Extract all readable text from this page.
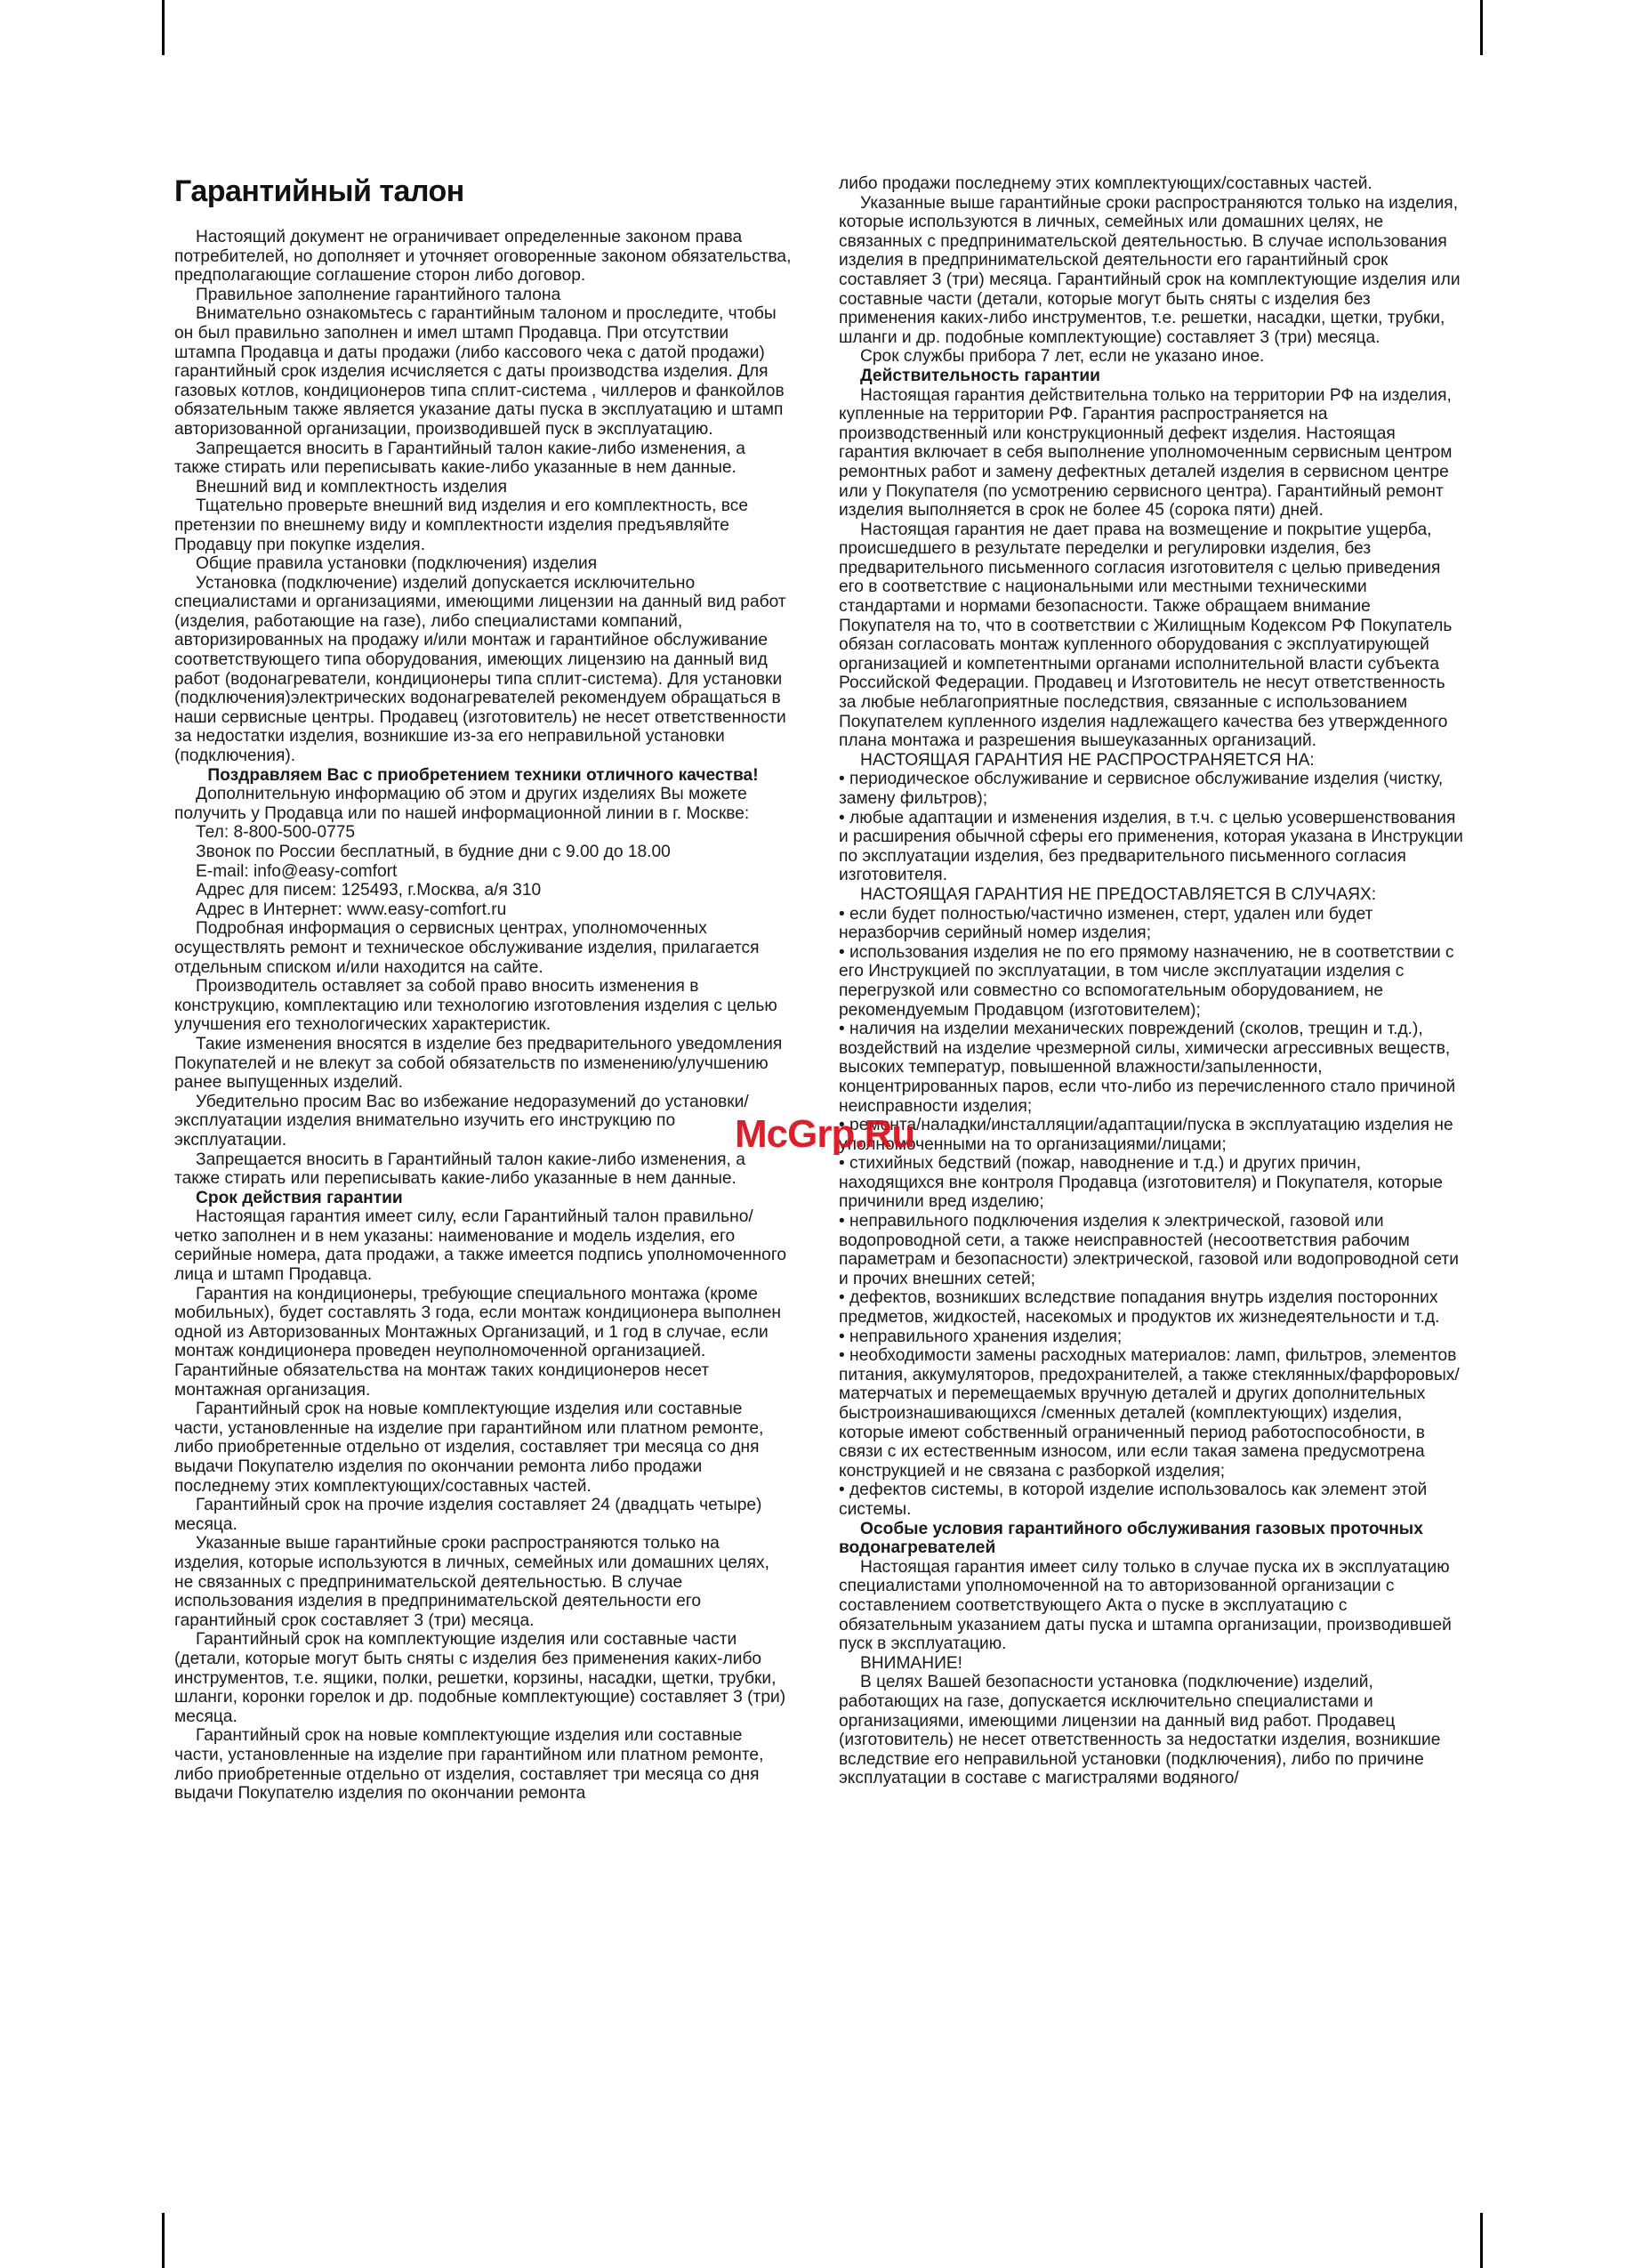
Гарантийный талон

Настоящий документ не ограничивает определенные законом права потребителей, но дополняет и уточняет оговоренные законом обязательства, предполагающие соглашение сторон либо договор.

Правильное заполнение гарантийного талона

Внимательно ознакомьтесь с гарантийным талоном и проследите, чтобы он был правильно заполнен и имел штамп Продавца. При отсутствии штампа Продавца и даты продажи (либо кассового чека с датой продажи) гарантийный срок изделия исчисляется с даты производства изделия. Для газовых котлов, кондиционеров типа сплит-система , чиллеров и фанкойлов обязательным также является указание даты пуска в эксплуатацию и штамп авторизованной организации, производившей пуск в эксплуатацию.

Запрещается вносить в Гарантийный талон какие-либо изменения, а также стирать или переписывать какие-либо указанные в нем данные.

Внешний вид и комплектность изделия

Тщательно проверьте внешний вид изделия и его комплектность, все претензии по внешнему виду и комплектности изделия предъявляйте Продавцу при покупке изделия.

Общие правила установки (подключения) изделия

Установка (подключение) изделий допускается исключительно специалистами и организациями, имеющими лицензии на данный вид работ (изделия, работающие на газе), либо специалистами компаний, авторизированных на продажу и/или монтаж и гарантийное обслуживание соответствующего типа оборудования, имеющих лицензию на данный вид работ (водонагреватели, кондиционеры типа сплит-система). Для установки (подключения)электрических водонагревателей рекомендуем обращаться в наши сервисные центры. Продавец (изготовитель) не несет ответственности за недостатки изделия, возникшие из-за его неправильной установки (подключения).

Поздравляем Вас с приобретением техники отличного качества!

Дополнительную информацию об этом и других изделиях Вы можете получить у Продавца или по нашей информационной линии в г. Москве:

Тел: 8-800-500-0775

Звонок по России бесплатный, в будние дни с 9.00 до 18.00

E-mail: info@easy-comfort

Адрес для писем: 125493, г.Москва, а/я 310

Адрес в Интернет: www.easy-comfort.ru

Подробная информация о сервисных центрах, уполномоченных осуществлять ремонт и техническое обслуживание изделия, прилагается отдельным списком и/или находится на сайте.

Производитель оставляет за собой право вносить изменения в конструкцию, комплектацию или технологию изготовления изделия с целью улучшения его технологических характеристик.

Такие изменения вносятся в изделие без предварительного уведомления Покупателей и не влекут за собой обязательств по изменению/улучшению ранее выпущенных изделий.

Убедительно просим Вас во избежание недоразумений до установки/эксплуатации изделия внимательно изучить его инструкцию по эксплуатации.

Запрещается вносить в Гарантийный талон какие-либо изменения, а также стирать или переписывать какие-либо указанные в нем данные.

Срок действия гарантии

Настоящая гарантия имеет силу, если Гарантийный талон правильно/четко заполнен и в нем указаны: наименование и модель изделия, его серийные номера, дата продажи, а также имеется подпись уполномоченного лица и штамп Продавца.

Гарантия на кондиционеры, требующие специального монтажа (кроме мобильных), будет составлять 3 года, если монтаж кондиционера выполнен одной из Авторизованных Монтажных Организаций, и 1 год в случае, если монтаж кондиционера проведен неуполномоченной организацией. Гарантийные обязательства на монтаж таких кондиционеров несет монтажная организация.

Гарантийный срок на новые комплектующие изделия или составные части, установленные на изделие при гарантийном или платном ремонте, либо приобретенные отдельно от изделия, составляет три месяца со дня выдачи Покупателю изделия по окончании ремонта либо продажи последнему этих комплектующих/составных частей.

Гарантийный срок на прочие изделия составляет 24 (двадцать четыре) месяца.

Указанные выше гарантийные сроки распространяются только на изделия, которые используются в личных, семейных или домашних целях, не связанных с предпринимательской деятельностью. В случае использования изделия в предпринимательской деятельности его гарантийный срок составляет 3 (три) месяца.

Гарантийный срок на комплектующие изделия или составные части (детали, которые могут быть сняты с изделия без применения каких-либо инструментов, т.е. ящики, полки, решетки, корзины, насадки, щетки, трубки, шланги, коронки горелок и др. подобные комплектующие) составляет 3 (три) месяца.

Гарантийный срок на новые комплектующие изделия или составные части, установленные на изделие при гарантийном или платном ремонте, либо приобретенные отдельно от изделия, составляет три месяца со дня выдачи Покупателю изделия по окончании ремонта

либо продажи последнему этих комплектующих/составных частей.

Указанные выше гарантийные сроки распространяются только на изделия, которые используются в личных, семейных или домашних целях, не связанных с предпринимательской деятельностью. В случае использования изделия в предпринимательской деятельности его гарантийный срок составляет 3 (три) месяца. Гарантийный срок на комплектующие изделия или составные части (детали, которые могут быть сняты с изделия без применения каких-либо инструментов, т.е. решетки, насадки, щетки, трубки, шланги и др. подобные комплектующие) составляет 3 (три) месяца.

Срок службы прибора 7 лет, если не указано иное.

Действительность гарантии

Настоящая гарантия действительна только на территории РФ на изделия, купленные на территории РФ. Гарантия распространяется на производственный или конструкционный дефект изделия. Настоящая гарантия включает в себя выполнение уполномоченным сервисным центром ремонтных работ и замену дефектных деталей изделия в сервисном центре или у Покупателя (по усмотрению сервисного центра). Гарантийный ремонт изделия выполняется в срок не более 45 (сорока пяти) дней.

Настоящая гарантия не дает права на возмещение и покрытие ущерба, происшедшего в результате переделки и регулировки изделия, без предварительного письменного согласия изготовителя с целью приведения его в соответствие с национальными или местными техническими стандартами и нормами безопасности. Также обращаем внимание Покупателя на то, что в соответствии с Жилищным Кодексом РФ Покупатель обязан согласовать монтаж купленного оборудования с эксплуатирующей организацией и компетентными органами исполнительной власти субъекта Российской Федерации. Продавец и Изготовитель не несут ответственность за любые неблагоприятные последствия, связанные с использованием Покупателем купленного изделия надлежащего качества без утвержденного плана монтажа и разрешения вышеуказанных организаций.

НАСТОЯЩАЯ ГАРАНТИЯ НЕ РАСПРОСТРАНЯЕТСЯ НА:

• периодическое обслуживание и сервисное обслуживание изделия (чистку, замену фильтров);

• любые адаптации и изменения изделия, в т.ч. с целью усовершенствования и расширения обычной сферы его применения, которая указана в Инструкции по эксплуатации изделия, без предварительного письменного согласия изготовителя.

НАСТОЯЩАЯ ГАРАНТИЯ НЕ ПРЕДОСТАВЛЯЕТСЯ В СЛУЧАЯХ:

• если будет полностью/частично изменен, стерт, удален или будет неразборчив серийный номер изделия;

• использования изделия не по его прямому назначению, не в соответствии с его Инструкцией по эксплуатации, в том числе эксплуатации изделия с перегрузкой или совместно со вспомогательным оборудованием, не рекомендуемым Продавцом (изготовителем);

• наличия на изделии механических повреждений (сколов, трещин и т.д.), воздействий на изделие чрезмерной силы, химически агрессивных веществ, высоких температур, повышенной влажности/запыленности, концентрированных паров, если что-либо из перечисленного стало причиной неисправности изделия;

• ремонта/наладки/инсталляции/адаптации/пуска в эксплуатацию изделия не уполномоченными на то организациями/лицами;

• стихийных бедствий (пожар, наводнение и т.д.) и других причин, находящихся вне контроля Продавца (изготовителя) и Покупателя, которые причинили вред изделию;

• неправильного подключения изделия к электрической, газовой или водопроводной сети, а также неисправностей (несоответствия рабочим параметрам и безопасности) электрической, газовой или водопроводной сети и прочих внешних сетей;

• дефектов, возникших вследствие попадания внутрь изделия посторонних предметов, жидкостей, насекомых и продуктов их жизнедеятельности и т.д.

• неправильного хранения изделия;

• необходимости замены расходных материалов: ламп, фильтров, элементов питания, аккумуляторов, предохранителей, а также стеклянных/фарфоровых/матерчатых и перемещаемых вручную деталей и других дополнительных быстроизнашивающихся /сменных деталей (комплектующих) изделия, которые имеют собственный ограниченный период работоспособности, в связи с их естественным износом, или если такая замена предусмотрена конструкцией и не связана с разборкой изделия;

• дефектов системы, в которой изделие использовалось как элемент этой системы.

Особые условия гарантийного обслуживания газовых проточных водонагревателей

Настоящая гарантия имеет силу только в случае пуска их в эксплуатацию специалистами уполномоченной на то авторизованной организации с составлением соответствующего Акта о пуске в эксплуатацию с обязательным указанием даты пуска и штампа организации, производившей пуск в эксплуатацию.

ВНИМАНИЕ!

В целях Вашей безопасности установка (подключение) изделий, работающих на газе, допускается исключительно специалистами и организациями, имеющими лицензии на данный вид работ. Продавец (изготовитель) не несет ответственность за недостатки изделия, возникшие вследствие его неправильной установки (подключения), либо по причине эксплуатации в составе с магистралями водяного/

McGrp.Ru
